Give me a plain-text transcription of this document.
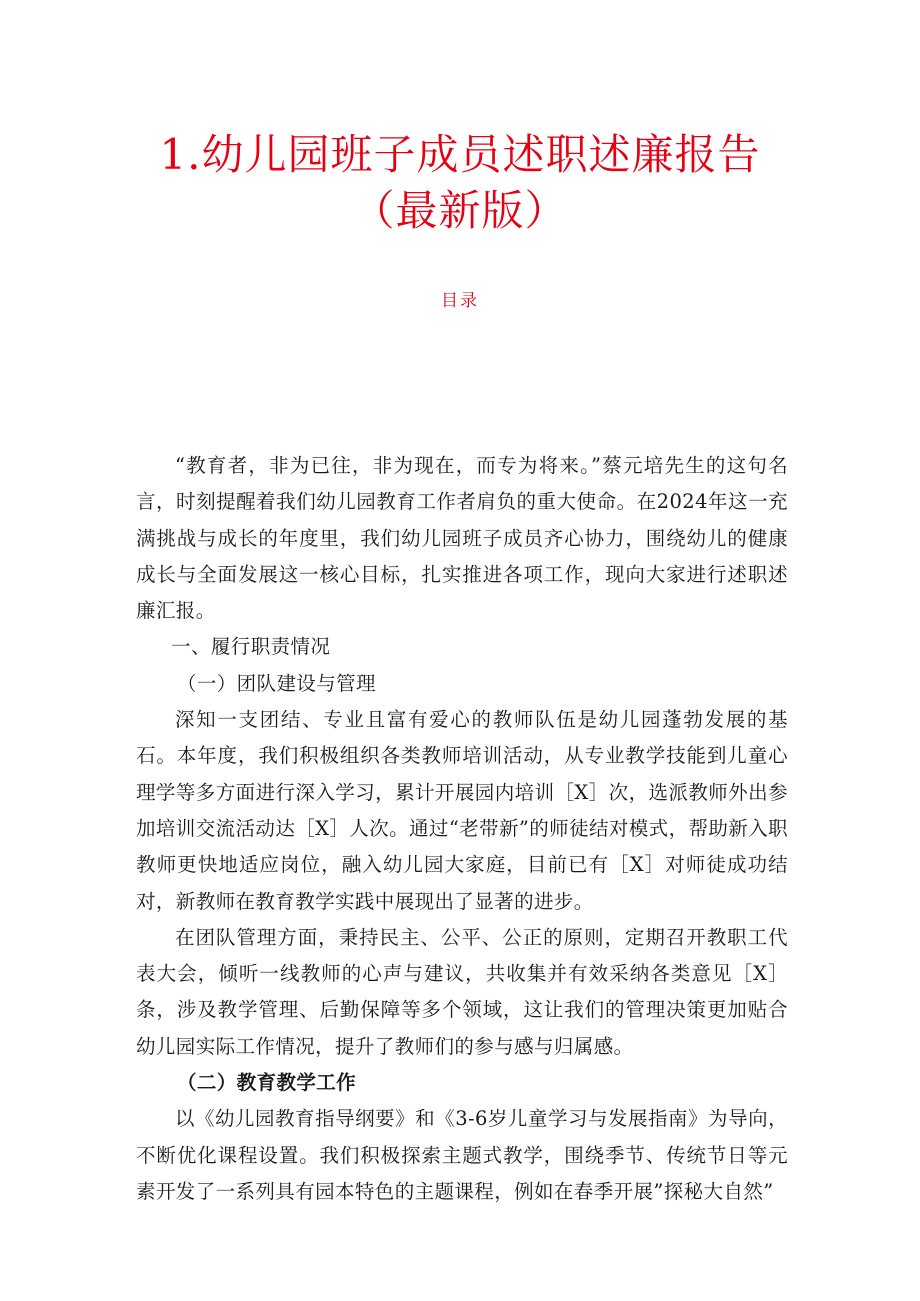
1.幼儿园班子成员述职述廉报告
（最新版）
目录

“教育者，非为已往，非为现在，而专为将来。”蔡元培先生的这句名言，时刻提醒着我们幼儿园教育工作者肩负的重大使命。在2024年这一充满挑战与成长的年度里，我们幼儿园班子成员齐心协力，围绕幼儿的健康成长与全面发展这一核心目标，扎实推进各项工作，现向大家进行述职述廉汇报。

一、履行职责情况

（一）团队建设与管理

深知一支团结、专业且富有爱心的教师队伍是幼儿园蓬勃发展的基石。本年度，我们积极组织各类教师培训活动，从专业教学技能到儿童心理学等多方面进行深入学习，累计开展园内培训［X］次，选派教师外出参加培训交流活动达［X］人次。通过“老带新”的师徒结对模式，帮助新入职教师更快地适应岗位，融入幼儿园大家庭，目前已有［X］对师徒成功结对，新教师在教育教学实践中展现出了显著的进步。

在团队管理方面，秉持民主、公平、公正的原则，定期召开教职工代表大会，倾听一线教师的心声与建议，共收集并有效采纳各类意见［X］条，涉及教学管理、后勤保障等多个领域，这让我们的管理决策更加贴合幼儿园实际工作情况，提升了教师们的参与感与归属感。

（二）教育教学工作

以《幼儿园教育指导纲要》和《3-6岁儿童学习与发展指南》为导向，不断优化课程设置。我们积极探索主题式教学，围绕季节、传统节日等元素开发了一系列具有园本特色的主题课程，例如在春季开展”探秘大自然”
